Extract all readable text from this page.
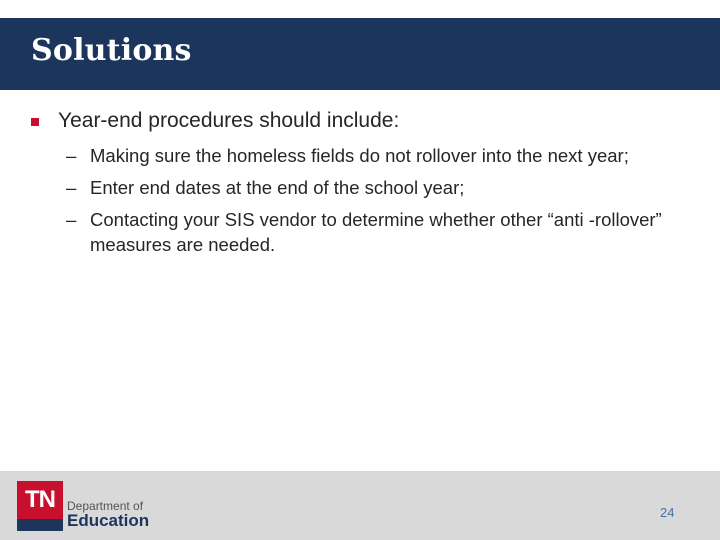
Solutions
Year-end procedures should include:
– Making sure the homeless fields do not rollover into the next year;
– Enter end dates at the end of the school year;
– Contacting your SIS vendor to determine whether other “anti -rollover” measures are needed.
TN	Department of
Education	24
